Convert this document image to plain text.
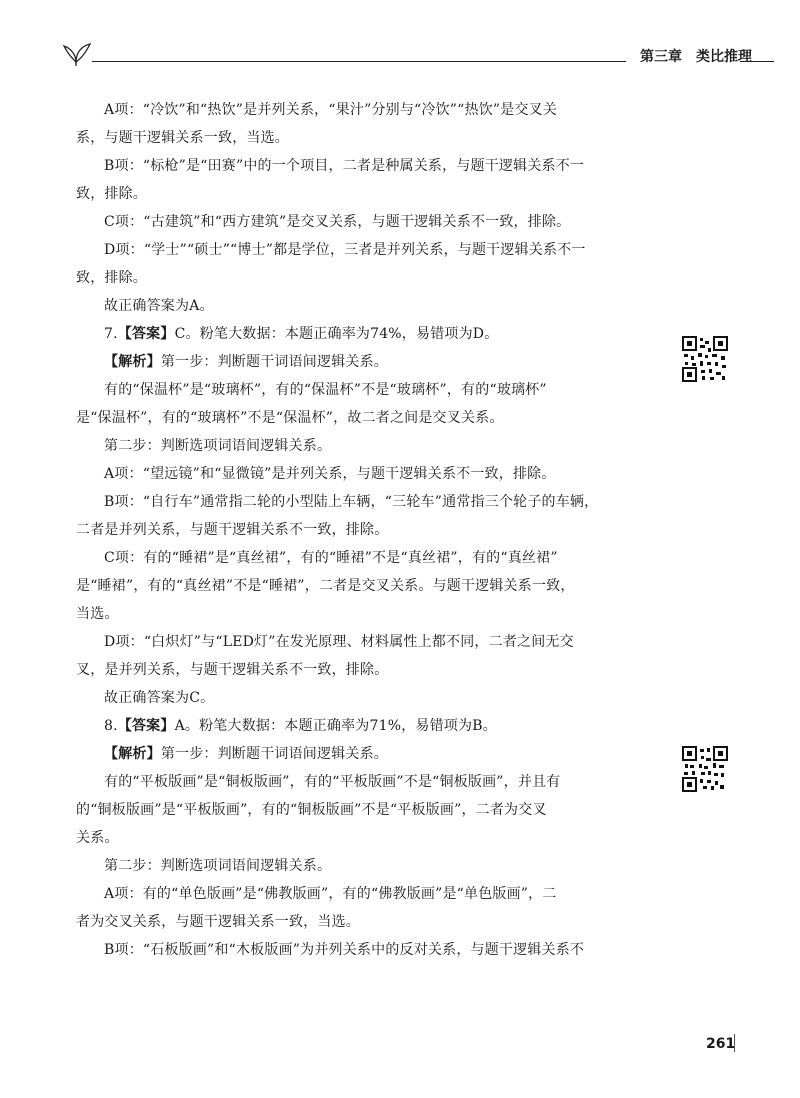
第三章　类比推理

A项：“冷饮”和“热饮”是并列关系，“果汁”分别与“冷饮”“热饮”是交叉关

系，与题干逻辑关系一致，当选。

B项：“标枪”是“田赛”中的一个项目，二者是种属关系，与题干逻辑关系不一

致，排除。

C项：“古建筑”和“西方建筑”是交叉关系，与题干逻辑关系不一致，排除。

D项：“学士”“硕士”“博士”都是学位，三者是并列关系，与题干逻辑关系不一

致，排除。

故正确答案为A。

7.【答案】C。粉笔大数据：本题正确率为74%，易错项为D。

【解析】第一步：判断题干词语间逻辑关系。

有的“保温杯”是“玻璃杯”，有的“保温杯”不是“玻璃杯”，有的“玻璃杯”

是“保温杯”，有的“玻璃杯”不是“保温杯”，故二者之间是交叉关系。

第二步：判断选项词语间逻辑关系。

A项：“望远镜”和“显微镜”是并列关系，与题干逻辑关系不一致，排除。

B项：“自行车”通常指二轮的小型陆上车辆，“三轮车”通常指三个轮子的车辆，

二者是并列关系，与题干逻辑关系不一致，排除。

C项：有的“睡裙”是“真丝裙”，有的“睡裙”不是“真丝裙”，有的“真丝裙”

是“睡裙”，有的“真丝裙”不是“睡裙”，二者是交叉关系。与题干逻辑关系一致，

当选。

D项：“白炽灯”与“LED灯”在发光原理、材料属性上都不同，二者之间无交

叉，是并列关系，与题干逻辑关系不一致，排除。

故正确答案为C。

8.【答案】A。粉笔大数据：本题正确率为71%，易错项为B。

【解析】第一步：判断题干词语间逻辑关系。

有的“平板版画”是“铜板版画”，有的“平板版画”不是“铜板版画”，并且有

的“铜板版画”是“平板版画”，有的“铜板版画”不是“平板版画”，二者为交叉

关系。

第二步：判断选项词语间逻辑关系。

A项：有的“单色版画”是“佛教版画”，有的“佛教版画”是“单色版画”，二

者为交叉关系，与题干逻辑关系一致，当选。

B项：“石板版画”和“木板版画”为并列关系中的反对关系，与题干逻辑关系不

261
